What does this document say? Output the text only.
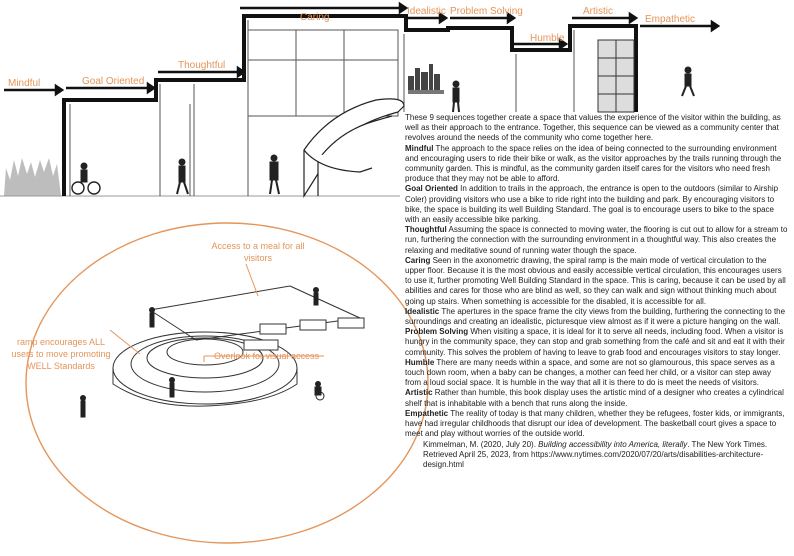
Mindful	Goal Oriented
Thoughtful
Caring
Idealistic Problem Solving
Humble
Artistic
Empathetic
Access to a meal for all visitors
ramp encourages ALL users to move promoting WELL Standards
Overlook for visual access

These 9 sequences together create a space that values the experience of the visitor within the building, as well as their approach to the entrance. Together, this sequence can be viewed as a community center that revolves around the needs of the community who come together here.

Mindful The approach to the space relies on the idea of being connected to the surrounding environment and encouraging users to ride their bike or walk, as the visitor approaches by the trails running through the community garden. This is mindful, as the community garden itself cares for the visitors who need fresh produce that they may not be able to afford.

Goal Oriented In addition to trails in the approach, the entrance is open to the outdoors (similar to Airship Coler) providing visitors who use a bike to ride right into the building and park. By encouraging visitors to bike, the space is building its well Building Standard. The goal is to encourage users to bike to the space with an easily accessible bike parking.

Thoughtful Assuming the space is connected to moving water, the flooring is cut out to allow for a stream to run, furthering the connection with the surrounding environment in a thoughtful way. This also creates the relaxing and meditative sound of running water though the space.

Caring Seen in the axonometric drawing, the spiral ramp is the main mode of vertical circulation to the upper floor. Because it is the most obvious and easily accessible vertical circulation, this encourages users to use it, further promoting Well Building Standard in the space. This is caring, because it can be used by all abilities and cares for those who are blind as well, so they can walk and sign without thinking much about going up stairs. When something is accessible for the disabled, it is accessible for all.

Idealistic The apertures in the space frame the city views from the building, furthering the connecting to the surroundings and creating an idealistic, picturesque view almost as if it were a picture hanging on the wall.

Problem Solving When visiting a space, it is ideal for it to serve all needs, including food. When a visitor is hungry in the community space, they can stop and grab something from the café and sit and eat it with their community. This solves the problem of having to leave to grab food and encourages visitors to stay longer.

Humble There are many needs within a space, and some are not so glamourous, this space serves as a touch down room, when a baby can be changes, a mother can feed her child, or a visitor can step away from a loud social space. It is humble in the way that all it is there to do is meet the needs of visitors.

Artistic Rather than humble, this book display uses the artistic mind of a designer who creates a cylindrical shelf that is inhabitable with a bench that runs along the inside.

Empathetic The reality of today is that many children, whether they be refugees, foster kids, or immigrants, have had irregular childhoods that disrupt our idea of development. The basketball court gives a space to meet and play without worries of the outside world.

Kimmelman, M. (2020, July 20). Building accessibility into America, literally. The New York Times. Retrieved April 25, 2023, from https://www.nytimes.com/2020/07/20/arts/disabilities-architecture-design.html
